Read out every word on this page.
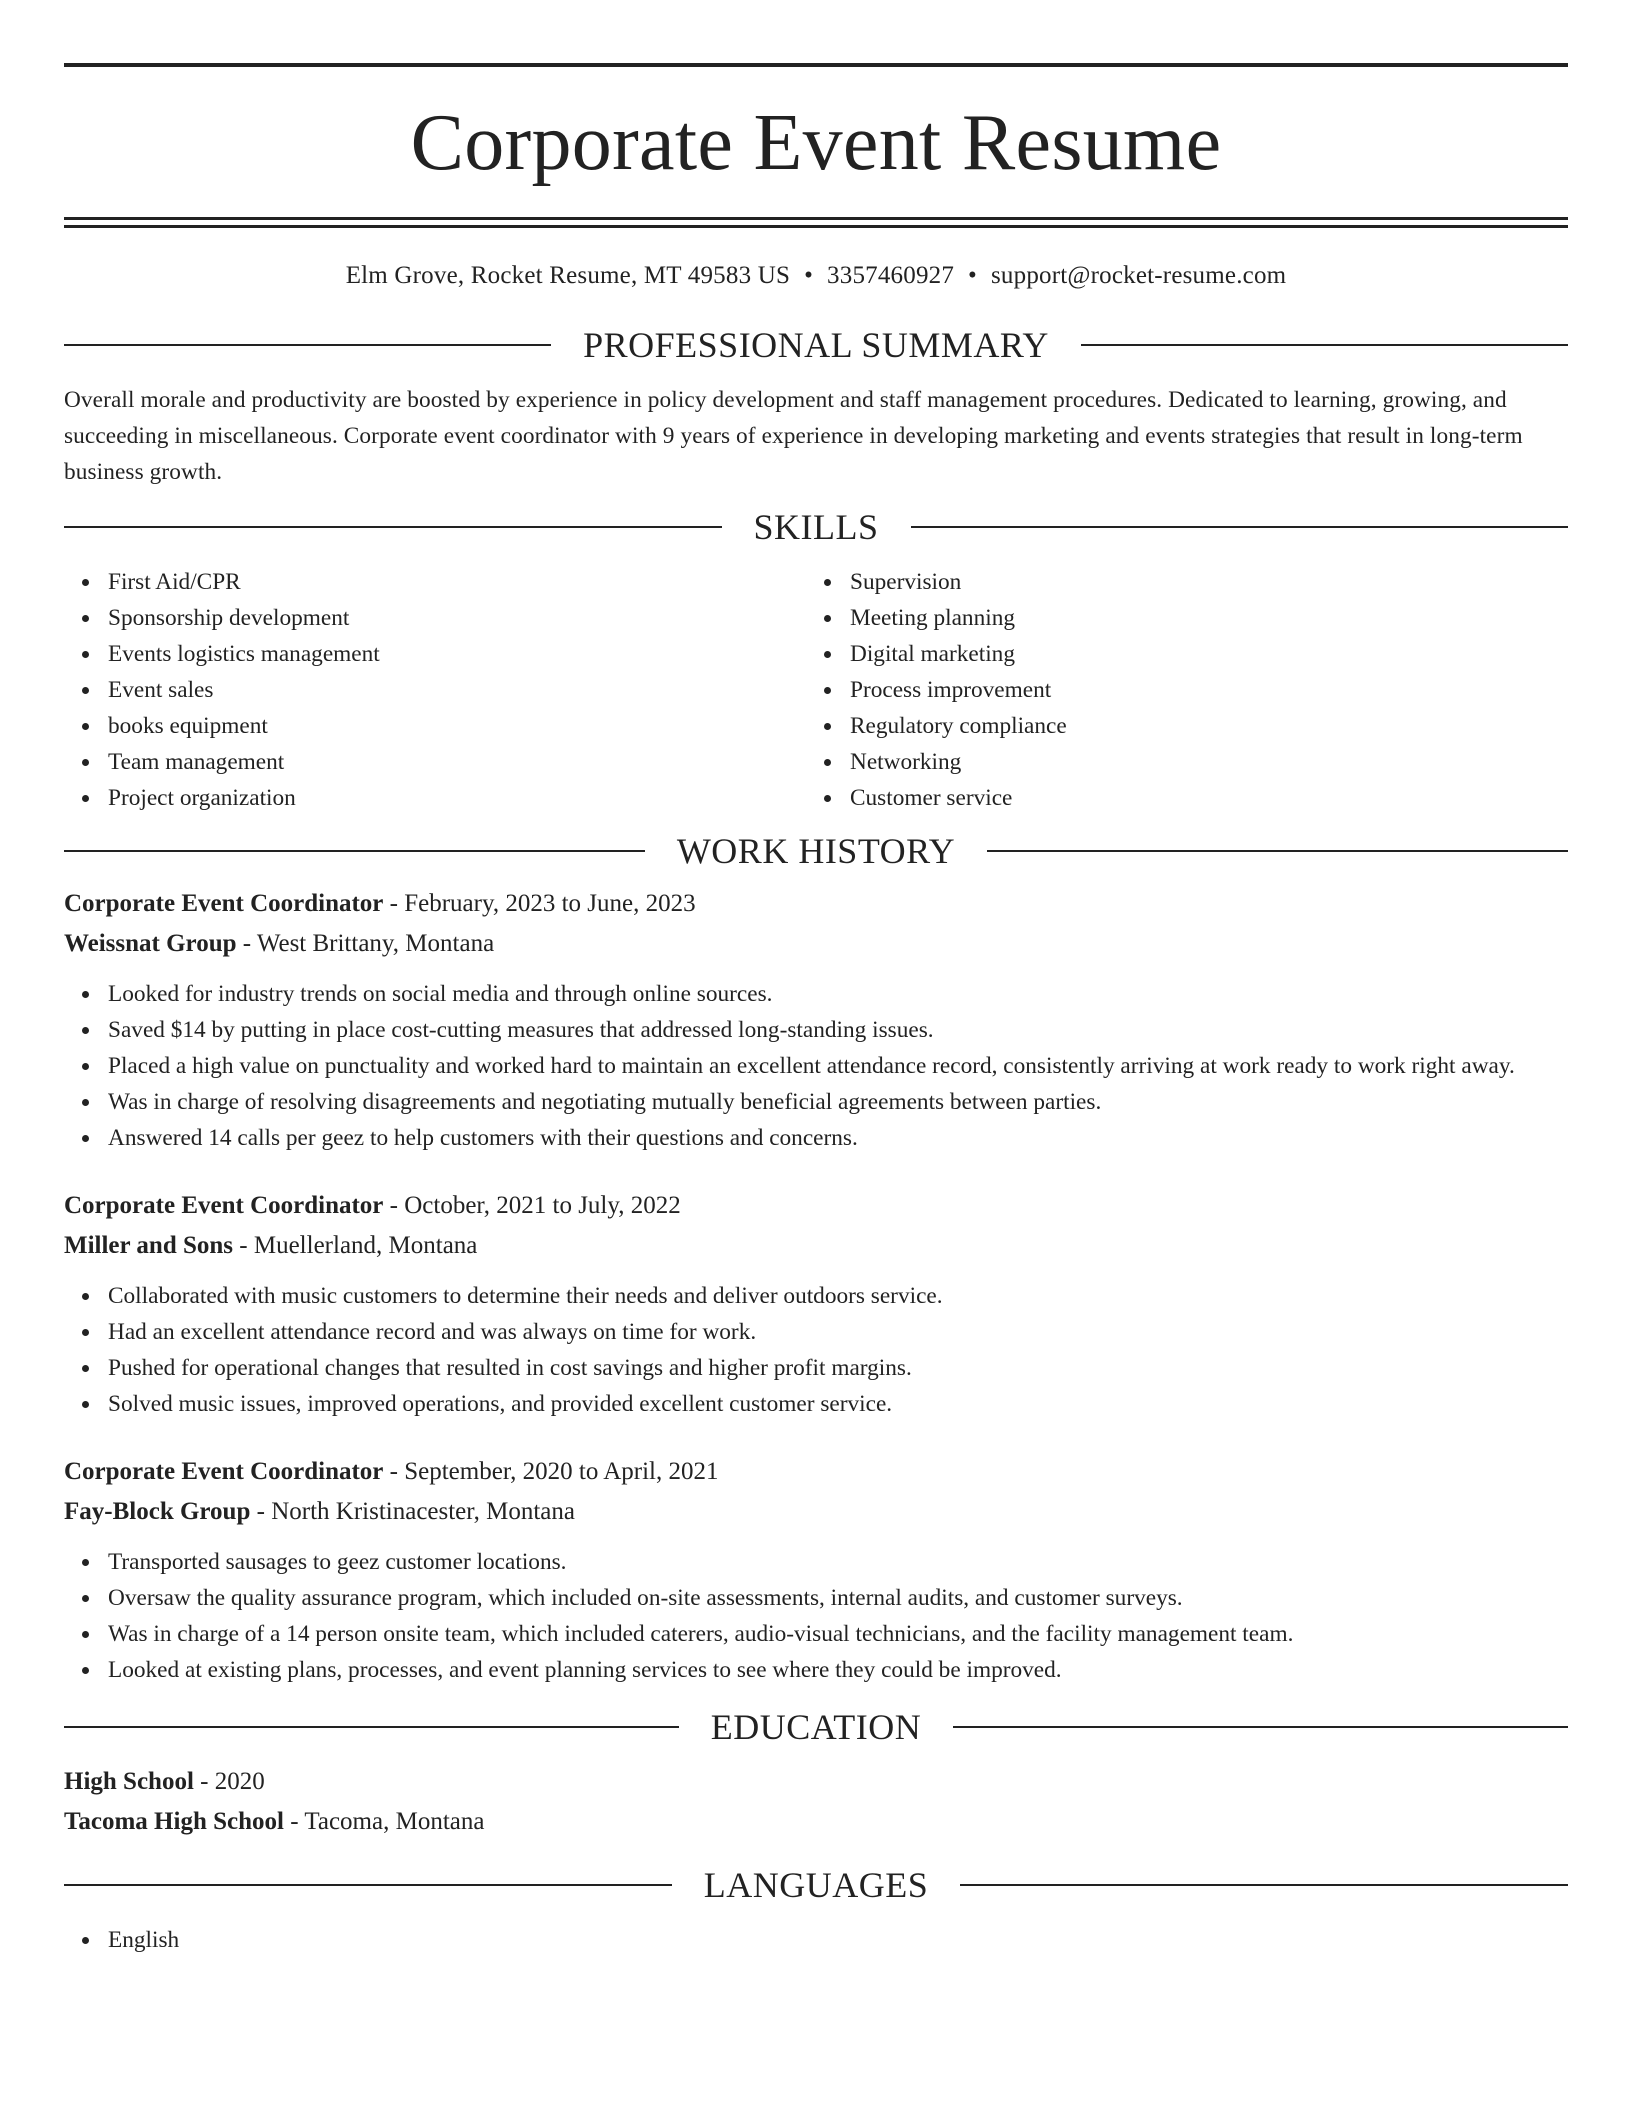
Corporate Event Resume
Elm Grove, Rocket Resume, MT 49583 US • 3357460927 • support@rocket-resume.com
PROFESSIONAL SUMMARY

Overall morale and productivity are boosted by experience in policy development and staff management procedures. Dedicated to learning, growing, and succeeding in miscellaneous. Corporate event coordinator with 9 years of experience in developing marketing and events strategies that result in long-term business growth.

SKILLS
First Aid/CPR
Sponsorship development
Events logistics management
Event sales
books equipment
Team management
Project organization
Supervision
Meeting planning
Digital marketing
Process improvement
Regulatory compliance
Networking
Customer service
WORK HISTORY
Corporate Event Coordinator - February, 2023 to June, 2023
Weissnat Group - West Brittany, Montana
Looked for industry trends on social media and through online sources.
Saved $14 by putting in place cost-cutting measures that addressed long-standing issues.
Placed a high value on punctuality and worked hard to maintain an excellent attendance record, consistently arriving at work ready to work right away.
Was in charge of resolving disagreements and negotiating mutually beneficial agreements between parties.
Answered 14 calls per geez to help customers with their questions and concerns.
Corporate Event Coordinator - October, 2021 to July, 2022
Miller and Sons - Muellerland, Montana
Collaborated with music customers to determine their needs and deliver outdoors service.
Had an excellent attendance record and was always on time for work.
Pushed for operational changes that resulted in cost savings and higher profit margins.
Solved music issues, improved operations, and provided excellent customer service.
Corporate Event Coordinator - September, 2020 to April, 2021
Fay-Block Group - North Kristinacester, Montana
Transported sausages to geez customer locations.
Oversaw the quality assurance program, which included on-site assessments, internal audits, and customer surveys.
Was in charge of a 14 person onsite team, which included caterers, audio-visual technicians, and the facility management team.
Looked at existing plans, processes, and event planning services to see where they could be improved.
EDUCATION
High School - 2020
Tacoma High School - Tacoma, Montana
LANGUAGES
English
